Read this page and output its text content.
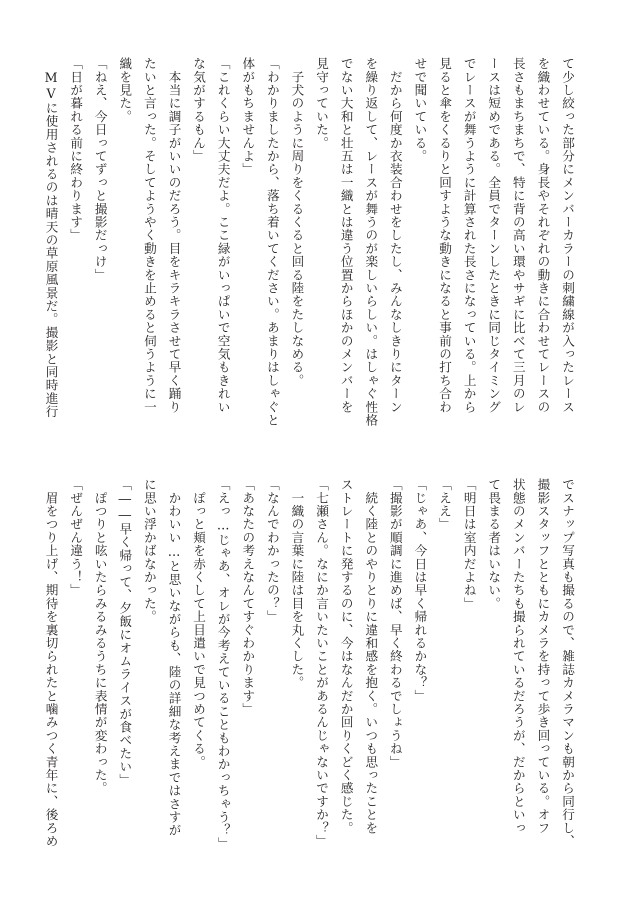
て少し絞った部分にメンバーカラーの刺繍線が入ったレース
を織わせている。身長やそれぞれの動きに合わせてレースの
長さもまちまちで、特に背の高い環やサギに比べて三月のレ
ースは短めである。全員でターンしたときに同じタイミング
でレースが舞うように計算された長さになっている。上から
見ると傘をくるりと回すような動きになると事前の打ち合わ
せで聞いている。
　だから何度か衣装合わせをしたし、みんなしきりにターン
を繰り返して、レースが舞うのが楽しいらしい。はしゃぐ性格
でない大和と壮五は一織とは違う位置からほかのメンバーを
見守っていた。
　子犬のように周りをくるくると回る陸をたしなめる。
「わかりましたから、落ち着いてください。あまりはしゃぐと
体がもちませんよ」
「これくらい大丈夫だよ。ここ緑がいっぱいで空気もきれい
な気がするもん」
　本当に調子がいいのだろう。目をキラキラさせて早く踊り
たいと言った。そしてようやく動きを止めると伺うように一
織を見た。
「ねえ、今日ってずっと撮影だっけ」
「日が暮れる前に終わります」
　MVに使用されるのは晴天の草原風景だ。撮影と同時進行
でスナップ写真も撮るので、雑誌カメラマンも朝から同行し、
撮影スタッフとともにカメラを持って歩き回っている。オフ
状態のメンバーたちも撮られているだろうが、だからといっ
て畏まる者はいない。
「明日は室内だよね」
「ええ」
「じゃあ、今日は早く帰れるかな？」
「撮影が順調に進めば、早く終わるでしょうね」
　続く陸とのやりとりに違和感を抱く。いつも思ったことを
ストレートに発するのに、今はなんだか回りくどく感じた。
「七瀬さん。なにか言いたいことがあるんじゃないですか？」
　一織の言葉に陸は目を丸くした。
「なんでわかったの？」
「あなたの考えなんてすぐわかります」
「えっ…じゃあ、オレが今考えていることもわかっちゃう？」
　ぽっと頬を赤くして上目遣いで見つめてくる。
　かわいい…と思いながらも、陸の詳細な考えまではさすが
に思い浮かばなかった。
「――早く帰って、夕飯にオムライスが食べたい」
　ぽつりと呟いたらみるみるうちに表情が変わった。
「ぜんぜん違う！」
　眉をつり上げ、期待を裏切られたと噛みつく青年に、後ろめ
